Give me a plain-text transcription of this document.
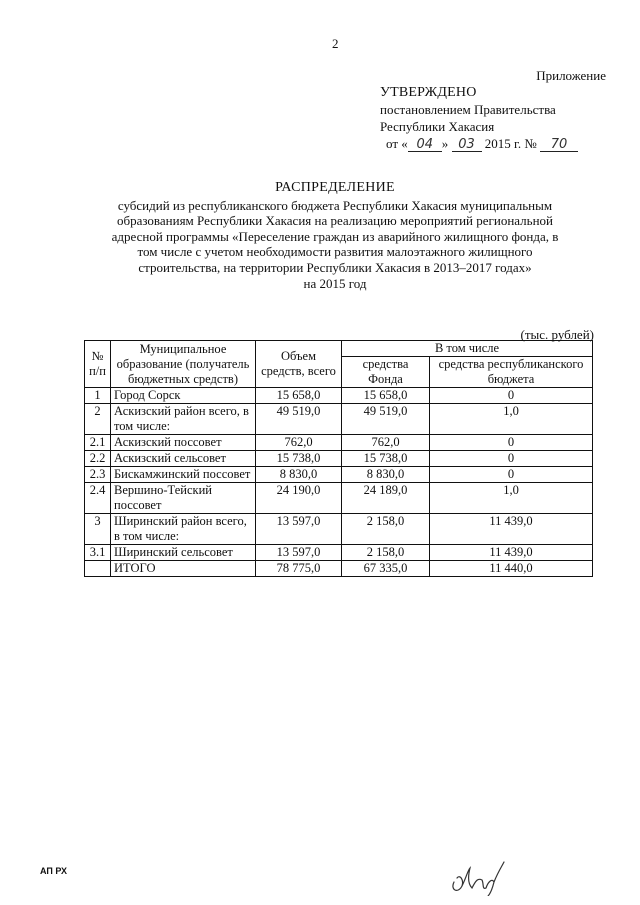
2
Приложение
УТВЕРЖДЕНО
постановлением Правительства
Республики Хакасия
от « 04 » 03 2015 г. № 70
РАСПРЕДЕЛЕНИЕ
субсидий из республиканского бюджета Республики Хакасия муниципальным
образованиям Республики Хакасия на реализацию мероприятий региональной
адресной программы «Переселение граждан из аварийного жилищного фонда, в
том числе с учетом необходимости развития малоэтажного жилищного
строительства, на территории Республики Хакасия в 2013–2017 годах»
на 2015 год
(тыс. рублей)
№ п/п	Муниципальное образование (получатель бюджетных средств)	Объем средств, всего	В том числе	
			средства Фонда	средства республиканского бюджета
1	Город Сорск	15 658,0	15 658,0	0
2	Аскизский район всего, в том числе:	49 519,0	49 519,0	1,0
2.1	Аскизский поссовет	762,0	762,0	0
2.2	Аскизский сельсовет	15 738,0	15 738,0	0
2.3	Бискамжинский поссовет	8 830,0	8 830,0	0
2.4	Вершино-Тейский поссовет	24 190,0	24 189,0	1,0
3	Ширинский район всего, в том числе:	13 597,0	2 158,0	11 439,0
3.1	Ширинский сельсовет	13 597,0	2 158,0	11 439,0
	ИТОГО	78 775,0	67 335,0	11 440,0
АП РХ
